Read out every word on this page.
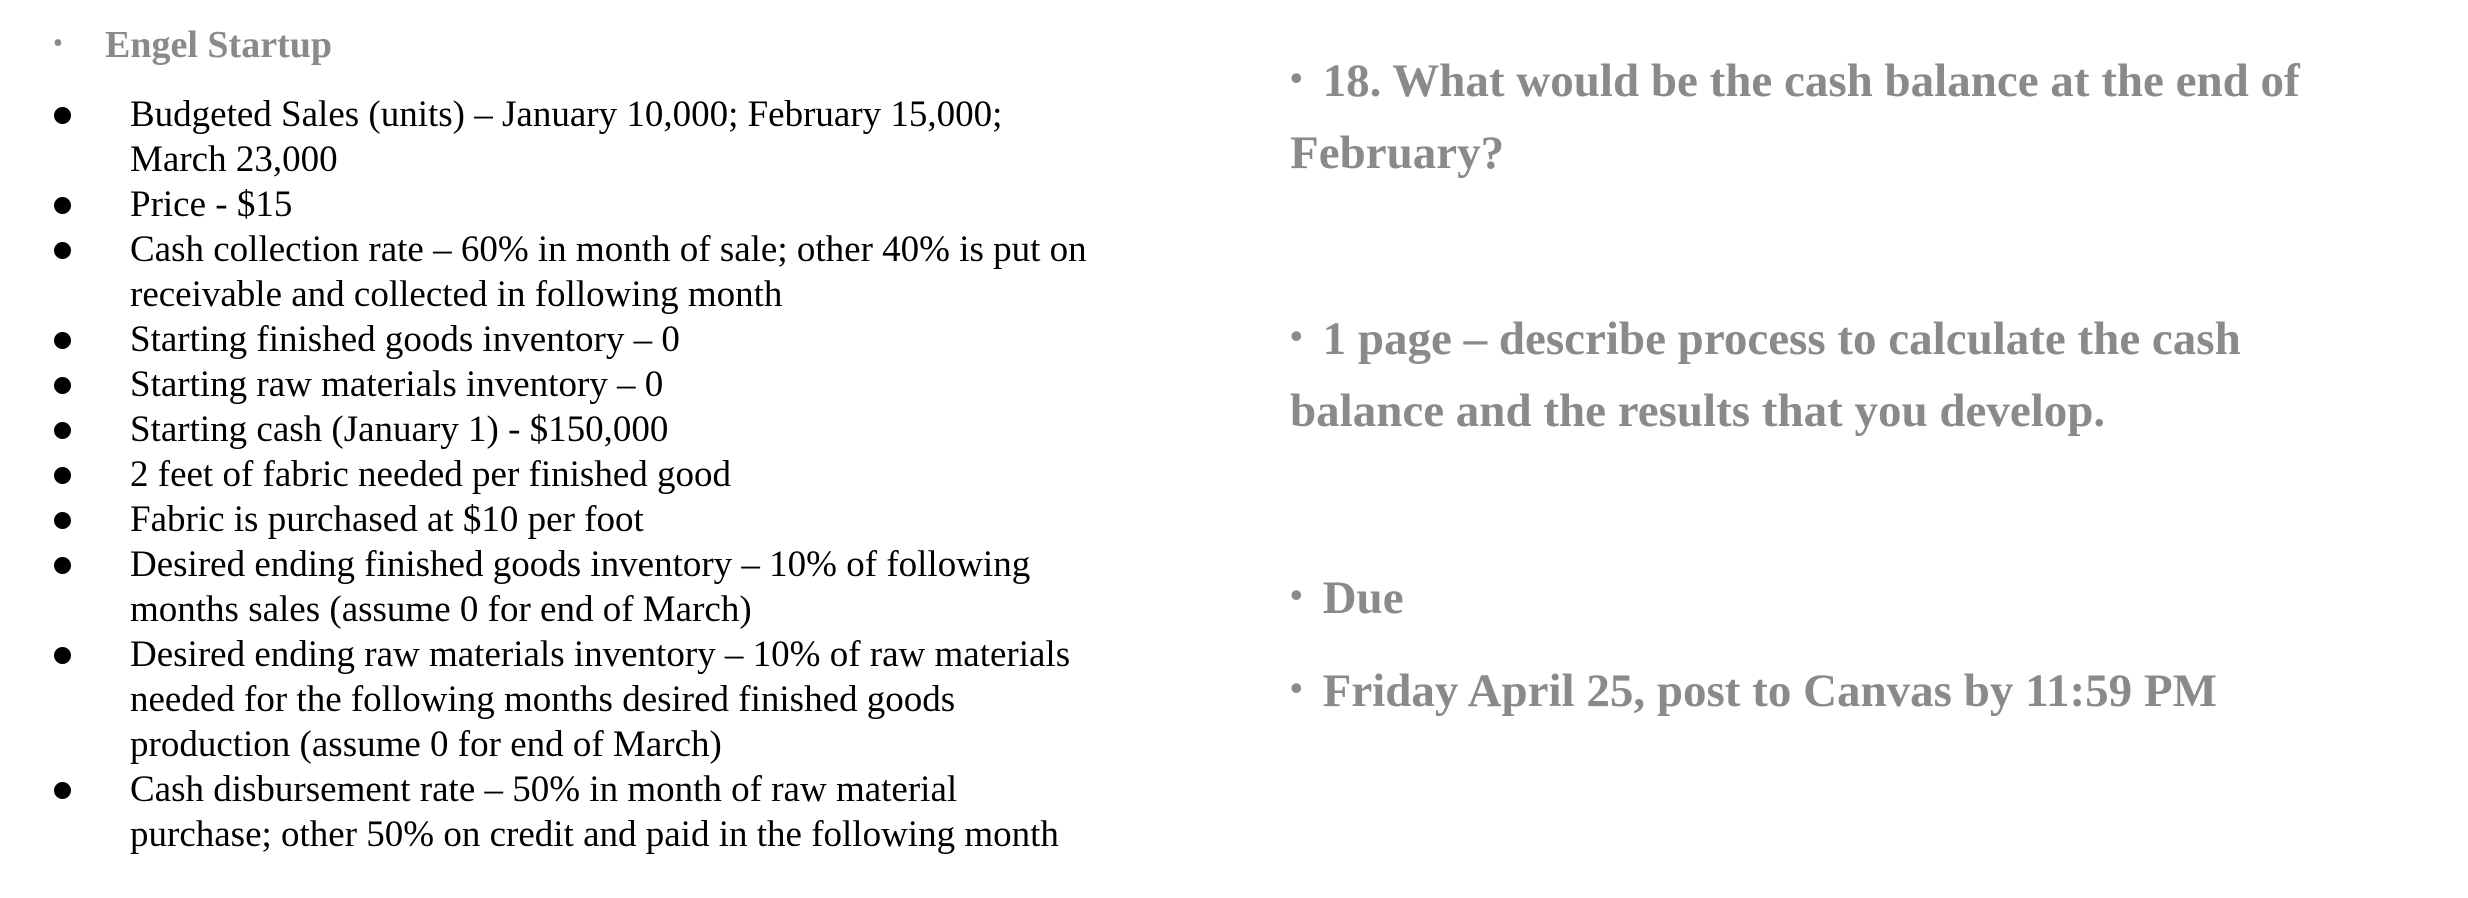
• Engel Startup
Budgeted Sales (units) – January 10,000; February 15,000;
March 23,000
Price - $15
Cash collection rate – 60% in month of sale; other 40% is put on
receivable and collected in following month
Starting finished goods inventory – 0
Starting raw materials inventory – 0
Starting cash (January 1) - $150,000
2 feet of fabric needed per finished good
Fabric is purchased at $10 per foot
Desired ending finished goods inventory – 10% of following
months sales (assume 0 for end of March)
Desired ending raw materials inventory – 10% of raw materials
needed for the following months desired finished goods
production (assume 0 for end of March)
Cash disbursement rate – 50% in month of raw material
purchase; other 50% on credit and paid in the following month
• 18. What would be the cash balance at the end of
February?
• 1 page – describe process to calculate the cash
balance and the results that you develop.
• Due
• Friday April 25, post to Canvas by 11:59 PM
